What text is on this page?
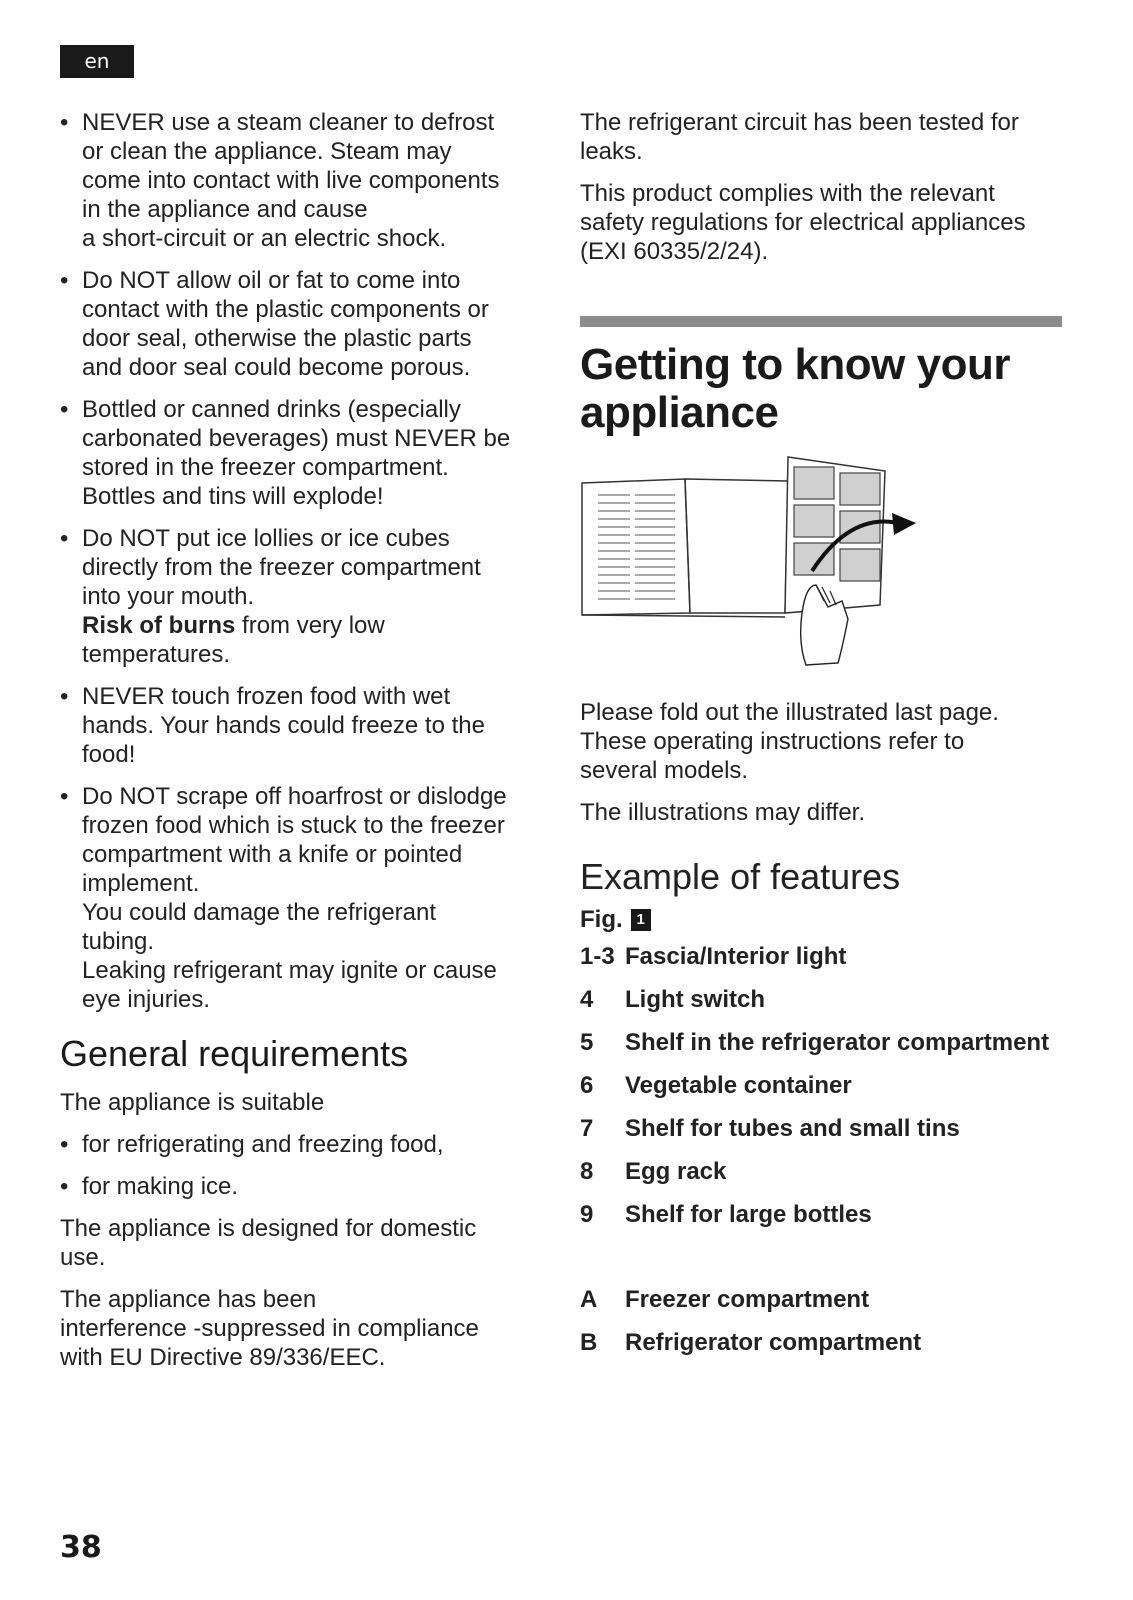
en
• NEVER use a steam cleaner to defrost
or clean the appliance. Steam may
come into contact with live components
in the appliance and cause
a short-circuit or an electric shock.
• Do NOT allow oil or fat to come into
contact with the plastic components or
door seal, otherwise the plastic parts
and door seal could become porous.
• Bottled or canned drinks (especially
carbonated beverages) must NEVER be
stored in the freezer compartment.
Bottles and tins will explode!
• Do NOT put ice lollies or ice cubes
directly from the freezer compartment
into your mouth.
Risk of burns from very low
temperatures.
• NEVER touch frozen food with wet
hands. Your hands could freeze to the
food!
• Do NOT scrape off hoarfrost or dislodge
frozen food which is stuck to the freezer
compartment with a knife or pointed
implement.
You could damage the refrigerant
tubing.
Leaking refrigerant may ignite or cause
eye injuries.
General requirements

The appliance is suitable

• for refrigerating and freezing food,
• for making ice.

The appliance is designed for domestic
use.

The appliance has been
interference -suppressed in compliance
with EU Directive 89/336/EEC.

The refrigerant circuit has been tested for
leaks.

This product complies with the relevant
safety regulations for electrical appliances
(EXI 60335/2/24).

Getting to know your
appliance

Please fold out the illustrated last page.
These operating instructions refer to
several models.

The illustrations may differ.

Example of features
Fig. 1
1-3 Fascia/Interior light
4	Light switch
5	Shelf in the refrigerator compartment
6	Vegetable container
7	Shelf for tubes and small tins
8	Egg rack
9	Shelf for large bottles
A	Freezer compartment
B	Refrigerator compartment
38
